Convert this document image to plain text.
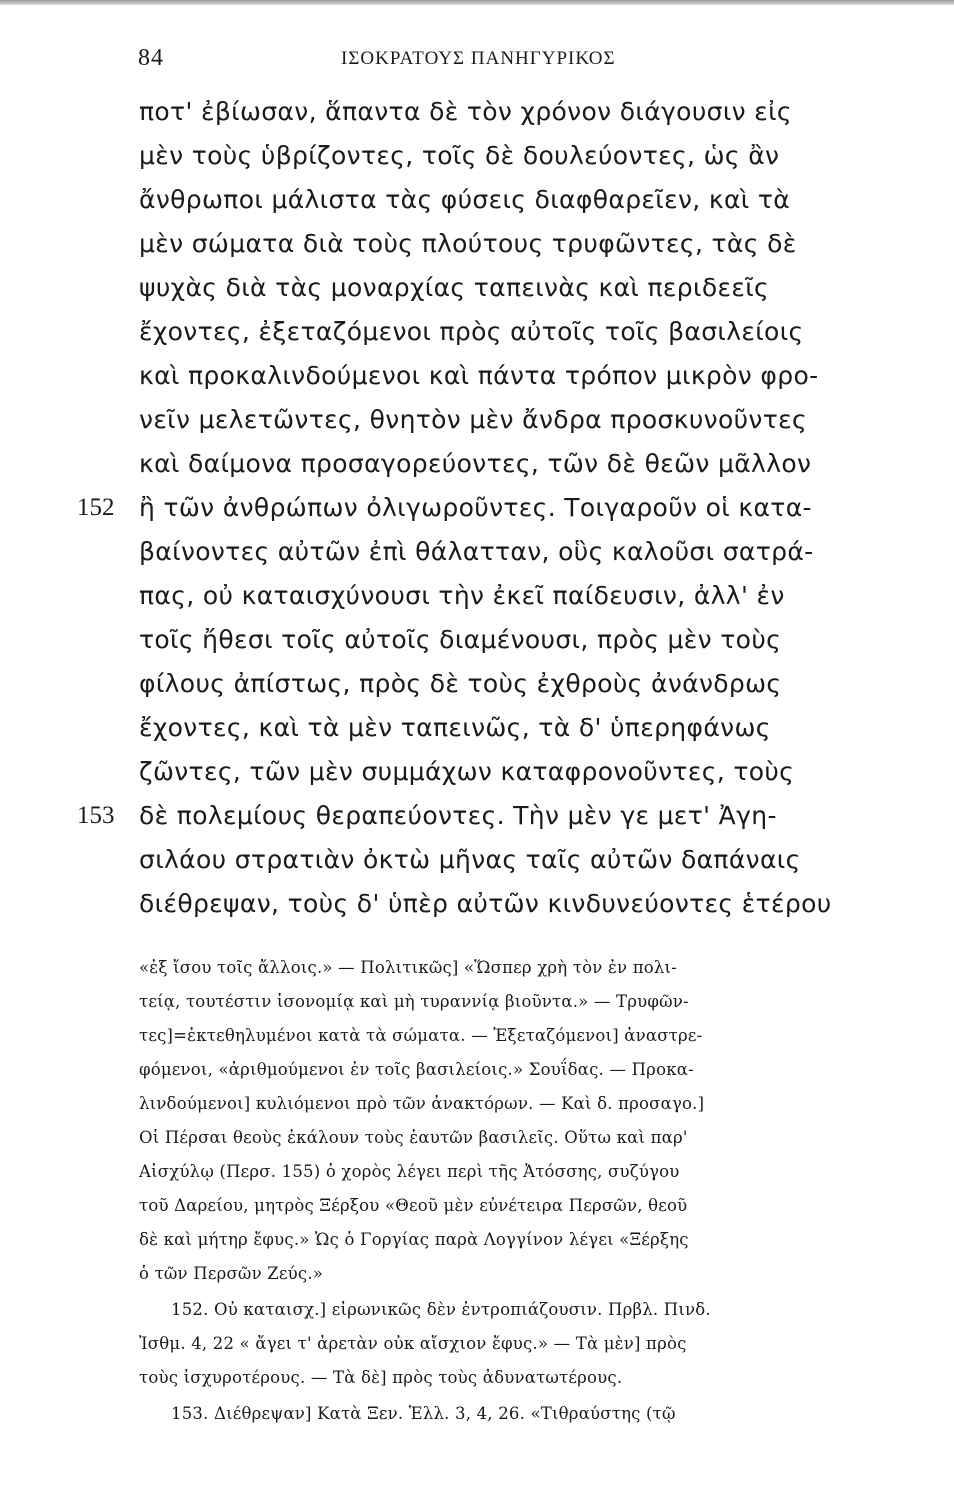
84	ΙΣΟΚΡΑΤΟΥΣ ΠΑΝΗΓΥΡΙΚΟΣ
ποτ' ἐβίωσαν, ἅπαντα δὲ τὸν χρόνον διάγουσιν εἰς
μὲν τοὺς ὑβρίζοντες, τοῖς δὲ δουλεύοντες, ὡς ἂν
ἄνθρωποι μάλιστα τὰς φύσεις διαφθαρεῖεν, καὶ τὰ
μὲν σώματα διὰ τοὺς πλούτους τρυφῶντες, τὰς δὲ
ψυχὰς διὰ τὰς μοναρχίας ταπεινὰς καὶ περιδεεῖς
ἔχοντες, ἐξεταζόμενοι πρὸς αὐτοῖς τοῖς βασιλείοις
καὶ προκαλινδούμενοι καὶ πάντα τρόπον μικρὸν φρο-
νεῖν μελετῶντες, θνητὸν μὲν ἄνδρα προσκυνοῦντες
καὶ δαίμονα προσαγορεύοντες, τῶν δὲ θεῶν μᾶλλον
152 ἢ τῶν ἀνθρώπων ὀλιγωροῦντες. Τοιγαροῦν οἱ κατα-
βαίνοντες αὐτῶν ἐπὶ θάλατταν, οὓς καλοῦσι σατρά-
πας, οὐ καταισχύνουσι τὴν ἐκεῖ παίδευσιν, ἀλλ' ἐν
τοῖς ἤθεσι τοῖς αὐτοῖς διαμένουσι, πρὸς μὲν τοὺς
φίλους ἀπίστως, πρὸς δὲ τοὺς ἐχθροὺς ἀνάνδρως
ἔχοντες, καὶ τὰ μὲν ταπεινῶς, τὰ δ' ὑπερηφάνως
ζῶντες, τῶν μὲν συμμάχων καταφρονοῦντες, τοὺς
153 δὲ πολεμίους θεραπεύοντες. Τὴν μὲν γε μετ' Ἀγη-
σιλάου στρατιὰν ὀκτὼ μῆνας ταῖς αὐτῶν δαπάναις
διέθρεψαν, τοὺς δ' ὑπὲρ αὐτῶν κινδυνεύοντες ἑτέρου
«ἐξ ἴσου τοῖς ἄλλοις.» — Πολιτικῶς] «Ὥσπερ χρὴ τὸν ἐν πολι-
τείᾳ, τουτέστιν ἰσονομίᾳ καὶ μὴ τυραννίᾳ βιοῦντα.» — Τρυφῶν-
τες]=ἐκτεθηλυμένοι κατὰ τὰ σώματα. — Ἐξεταζόμενοι] ἀναστρε-
φόμενοι, «ἀριθμούμενοι ἐν τοῖς βασιλείοις.» Σουΐδας. — Προκα-
λινδούμενοι] κυλιόμενοι πρὸ τῶν ἀνακτόρων. — Καὶ δ. προσαγο.]
Οἱ Πέρσαι θεοὺς ἐκάλουν τοὺς ἑαυτῶν βασιλεῖς. Οὕτω καὶ παρ'
Αἰσχύλῳ (Περσ. 155) ὁ χορὸς λέγει περὶ τῆς Ἀτόσσης, συζύγου
τοῦ Δαρείου, μητρὸς Ξέρξου «Θεοῦ μὲν εὐνέτειρα Περσῶν, θεοῦ
δὲ καὶ μήτηρ ἔφυς.» Ὡς ὁ Γοργίας παρὰ Λογγίνον λέγει «Ξέρξης
ὁ τῶν Περσῶν Ζεύς.»
152. Οὐ καταισχ.] εἰρωνικῶς δὲν ἐντροπιάζουσιν. Πρβλ. Πινδ.
Ἰσθμ. 4, 22 « ἄγει τ' ἀρετὰν οὐκ αἴσχιον ἔφυς.» — Τὰ μὲν] πρὸς
τοὺς ἰσχυροτέρους. — Τὰ δὲ] πρὸς τοὺς ἀδυνατωτέρους.
153. Διέθρεψαν] Κατὰ Ξεν. Ἑλλ. 3, 4, 26. «Τιθραύστης (τῷ
